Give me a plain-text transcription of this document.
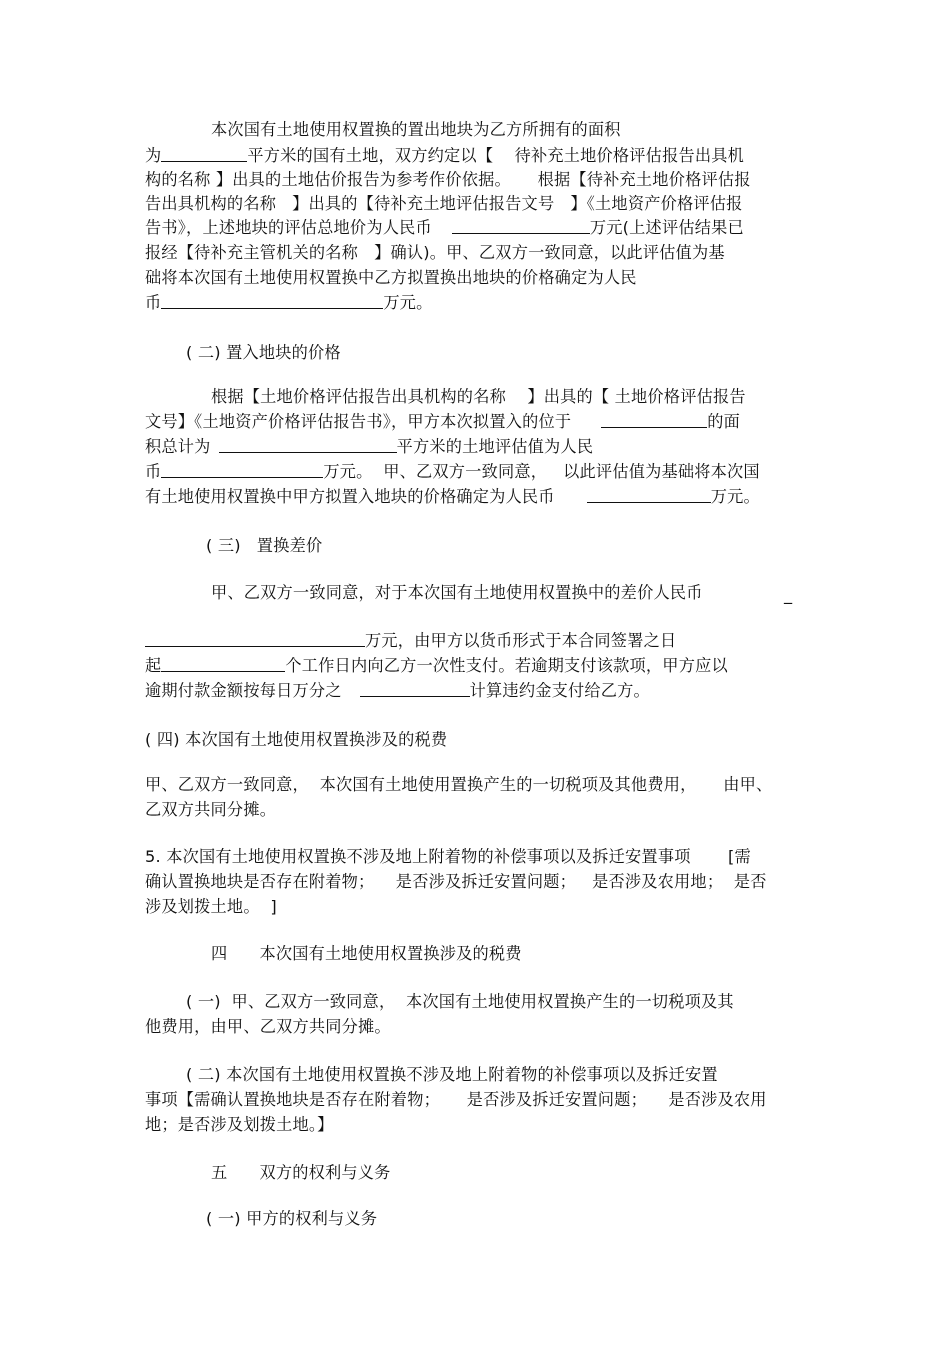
本次国有土地使用权置换的置出地块为乙方所拥有的面积
为	平方米的国有土地，双方约定以【    待补充土地价格评估报告出具机
构的名称 】出具的土地估价报告为参考作价依据。     根据【待补充土地价格评估报
告出具机构的名称   】出具的【待补充土地评估报告文号   】《土地资产价格评估报
告书》，上述地块的评估总地价为人民币	万元(上述评估结果已
报经【待补充主管机关的名称   】确认)。甲、乙双方一致同意，以此评估值为基
础将本次国有土地使用权置换中乙方拟置换出地块的价格确定为人民
币	万元。
( 二) 置入地块的价格
根据【土地价格评估报告出具机构的名称    】出具的【 土地价格评估报告
文号】《土地资产价格评估报告书》，甲方本次拟置入的位于	的面
积总计为	平方米的土地评估值为人民
币	万元。  甲、乙双方一致同意，   以此评估值为基础将本次国
有土地使用权置换中甲方拟置入地块的价格确定为人民币	万元。
( 三)   置换差价
甲、乙双方一致同意，对于本次国有土地使用权置换中的差价人民币	_
万元，由甲方以货币形式于本合同签署之日
起	个工作日内向乙方一次性支付。若逾期支付该款项，甲方应以
逾期付款金额按每日万分之	计算违约金支付给乙方。
( 四) 本次国有土地使用权置换涉及的税费
甲、乙双方一致同意，  本次国有土地使用置换产生的一切税项及其他费用，     由甲、
乙双方共同分摊。
5. 本次国有土地使用权置换不涉及地上附着物的补偿事项以及拆迁安置事项       [需
确认置换地块是否存在附着物；    是否涉及拆迁安置问题；   是否涉及农用地；  是否
涉及划拨土地。  ]
四      本次国有土地使用权置换涉及的税费
( 一)  甲、乙双方一致同意，  本次国有土地使用权置换产生的一切税项及其
他费用，由甲、乙双方共同分摊。
( 二) 本次国有土地使用权置换不涉及地上附着物的补偿事项以及拆迁安置
事项【需确认置换地块是否存在附着物；     是否涉及拆迁安置问题；    是否涉及农用
地；是否涉及划拨土地。】
五      双方的权利与义务
( 一) 甲方的权利与义务
